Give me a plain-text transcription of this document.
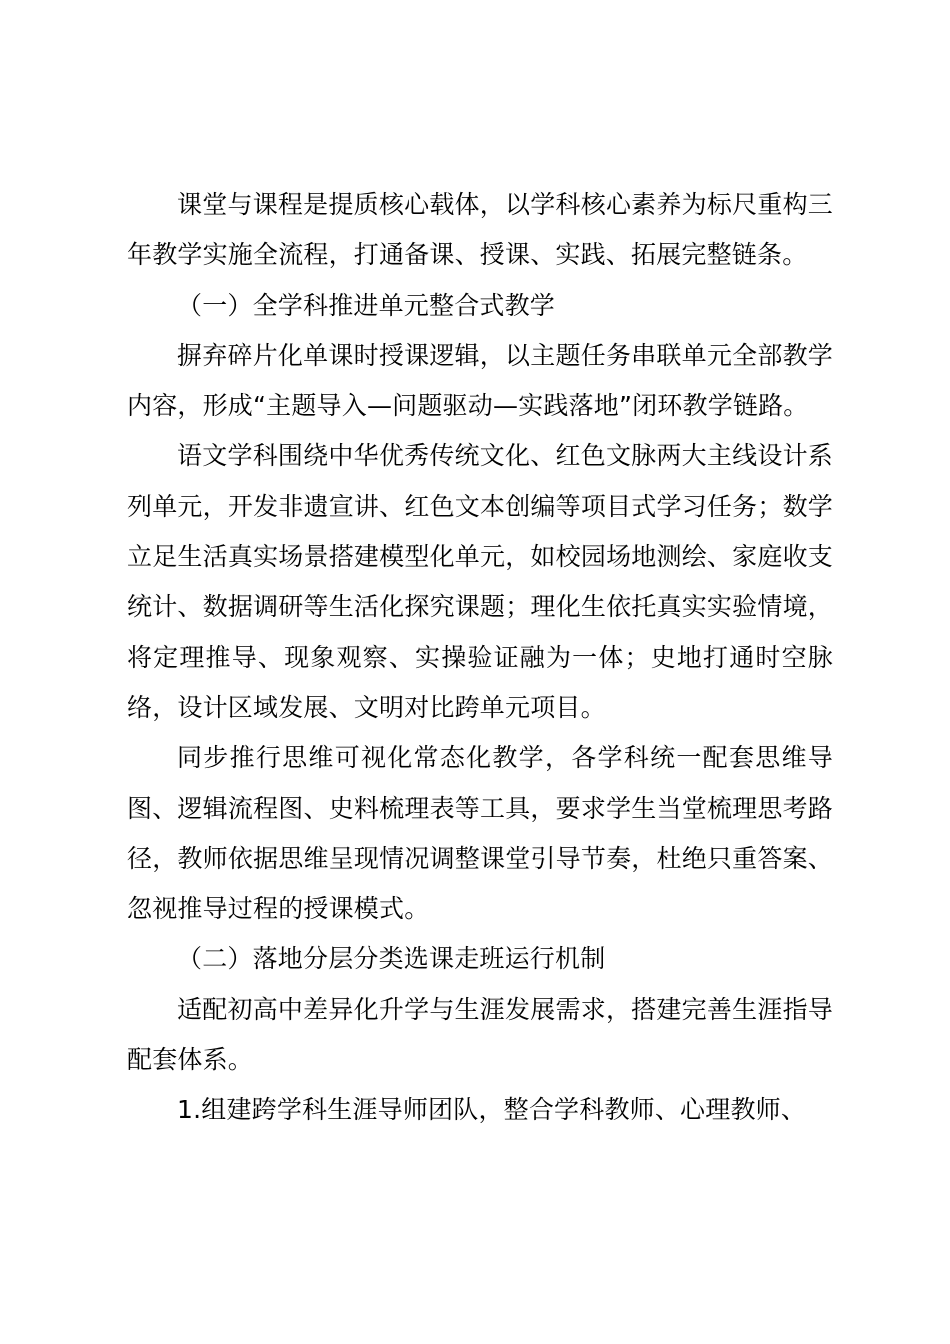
课堂与课程是提质核心载体，以学科核心素养为标尺重构三年教学实施全流程，打通备课、授课、实践、拓展完整链条。

（一）全学科推进单元整合式教学

摒弃碎片化单课时授课逻辑，以主题任务串联单元全部教学内容，形成“主题导入—问题驱动—实践落地”闭环教学链路。

语文学科围绕中华优秀传统文化、红色文脉两大主线设计系列单元，开发非遗宣讲、红色文本创编等项目式学习任务；数学立足生活真实场景搭建模型化单元，如校园场地测绘、家庭收支统计、数据调研等生活化探究课题；理化生依托真实实验情境，将定理推导、现象观察、实操验证融为一体；史地打通时空脉络，设计区域发展、文明对比跨单元项目。

同步推行思维可视化常态化教学，各学科统一配套思维导图、逻辑流程图、史料梳理表等工具，要求学生当堂梳理思考路径，教师依据思维呈现情况调整课堂引导节奏，杜绝只重答案、忽视推导过程的授课模式。

（二）落地分层分类选课走班运行机制

适配初高中差异化升学与生涯发展需求，搭建完善生涯指导配套体系。

1.组建跨学科生涯导师团队，整合学科教师、心理教师、
